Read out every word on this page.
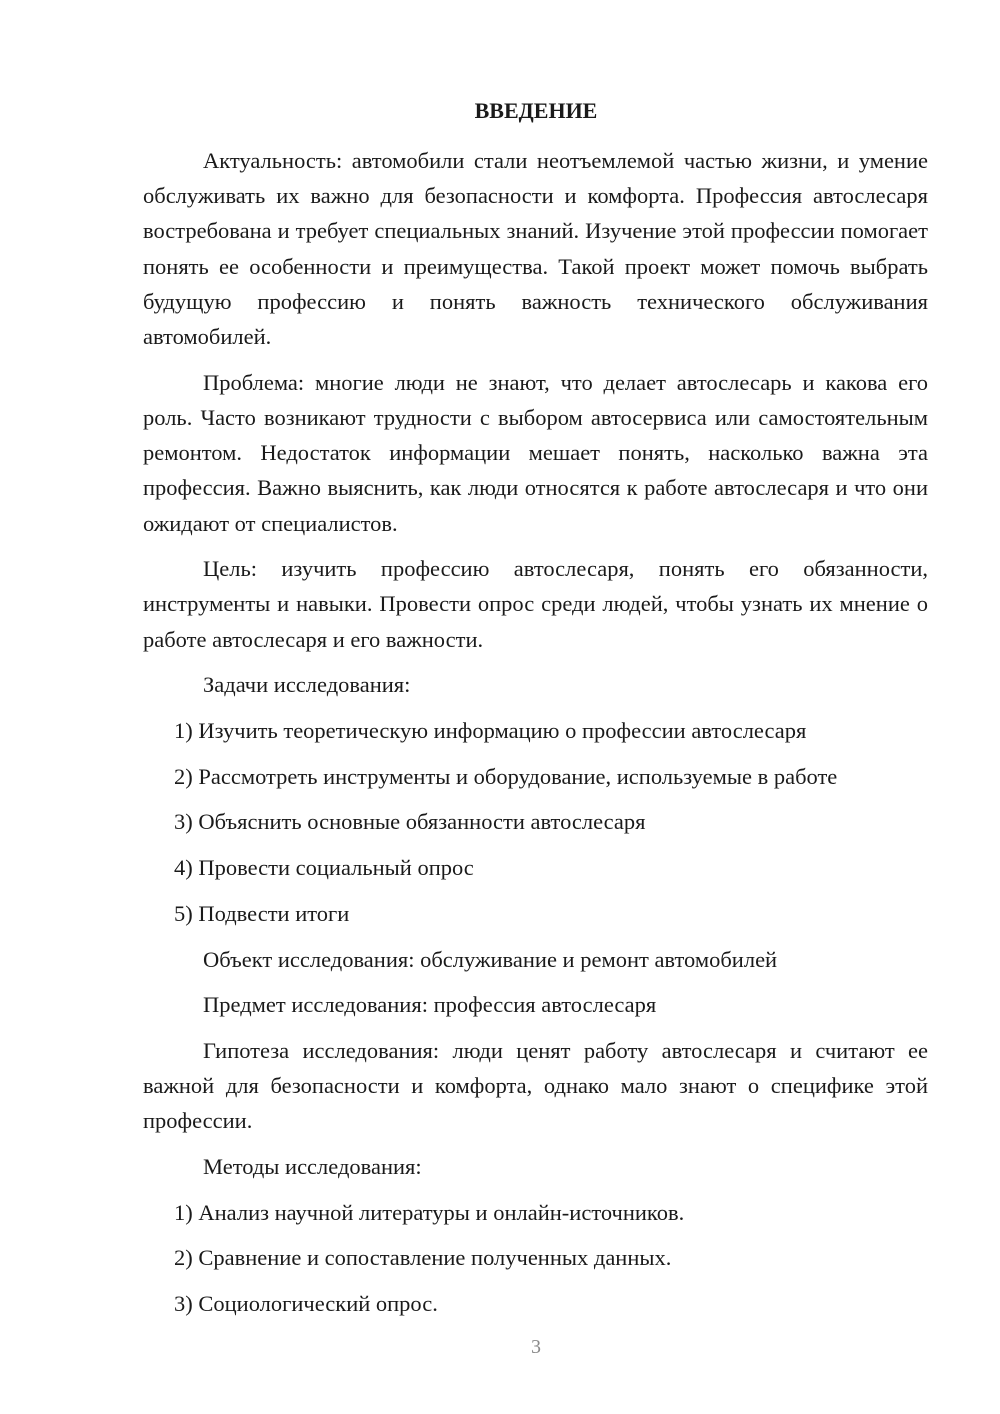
ВВЕДЕНИЕ

Актуальность: автомобили стали неотъемлемой частью жизни, и умение обслуживать их важно для безопасности и комфорта. Профессия автослесаря востребована и требует специальных знаний. Изучение этой профессии помогает понять ее особенности и преимущества. Такой проект может помочь выбрать будущую профессию и понять важность технического обслуживания автомобилей.

Проблема: многие люди не знают, что делает автослесарь и какова его роль. Часто возникают трудности с выбором автосервиса или самостоятельным ремонтом. Недостаток информации мешает понять, насколько важна эта профессия. Важно выяснить, как люди относятся к работе автослесаря и что они ожидают от специалистов.

Цель: изучить профессию автослесаря, понять его обязанности, инструменты и навыки. Провести опрос среди людей, чтобы узнать их мнение о работе автослесаря и его важности.

Задачи исследования:

1) Изучить теоретическую информацию о профессии автослесаря

2) Рассмотреть инструменты и оборудование, используемые в работе

3) Объяснить основные обязанности автослесаря

4) Провести социальный опрос

5) Подвести итоги

Объект исследования: обслуживание и ремонт автомобилей

Предмет исследования: профессия автослесаря

Гипотеза исследования: люди ценят работу автослесаря и считают ее важной для безопасности и комфорта, однако мало знают о специфике этой профессии.

Методы исследования:

1) Анализ научной литературы и онлайн-источников.

2) Сравнение и сопоставление полученных данных.

3) Социологический опрос.

3
